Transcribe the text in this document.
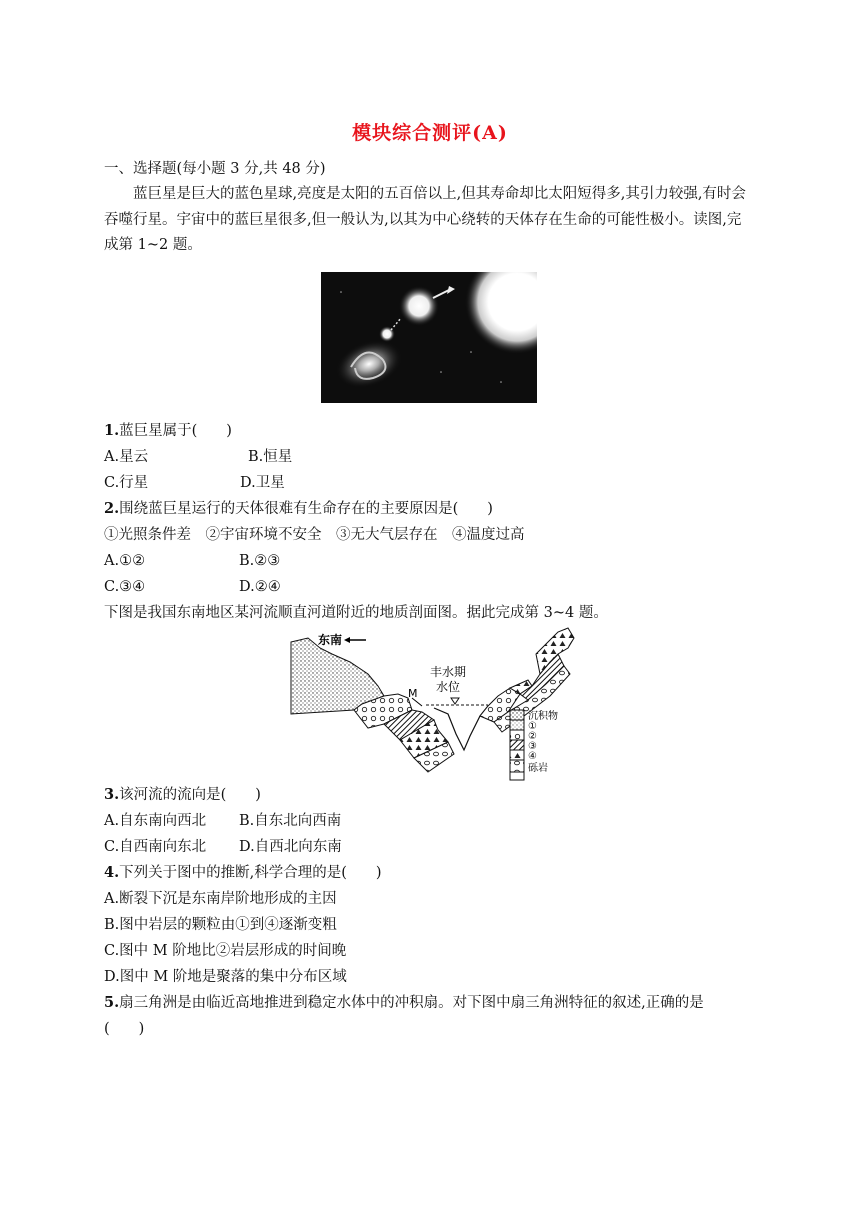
模块综合测评(A)
一、选择题(每小题 3 分,共 48 分)
蓝巨星是巨大的蓝色星球,亮度是太阳的五百倍以上,但其寿命却比太阳短得多,其引力较强,有时会吞噬行星。宇宙中的蓝巨星很多,但一般认为,以其为中心绕转的天体存在生命的可能性极小。读图,完成第 1~2 题。
1.蓝巨星属于(　　)
A.星云	B.恒星
C.行星	D.卫星
2.围绕蓝巨星运行的天体很难有生命存在的主要原因是(　　)
①光照条件差　②宇宙环境不安全　③无大气层存在　④温度过高
A.①②	B.②③
C.③④	D.②④
下图是我国东南地区某河流顺直河道附近的地质剖面图。据此完成第 3~4 题。
东南
M
丰水期
水位
沉积物
①
②
③
④
砾岩
3.该河流的流向是(　　)
A.自东南向西北 B.自东北向西南
C.自西南向东北 D.自西北向东南
4.下列关于图中的推断,科学合理的是(　　)
A.断裂下沉是东南岸阶地形成的主因
B.图中岩层的颗粒由①到④逐渐变粗
C.图中 M 阶地比②岩层形成的时间晚
D.图中 M 阶地是聚落的集中分布区域
5.扇三角洲是由临近高地推进到稳定水体中的冲积扇。对下图中扇三角洲特征的叙述,正确的是
(　　)
